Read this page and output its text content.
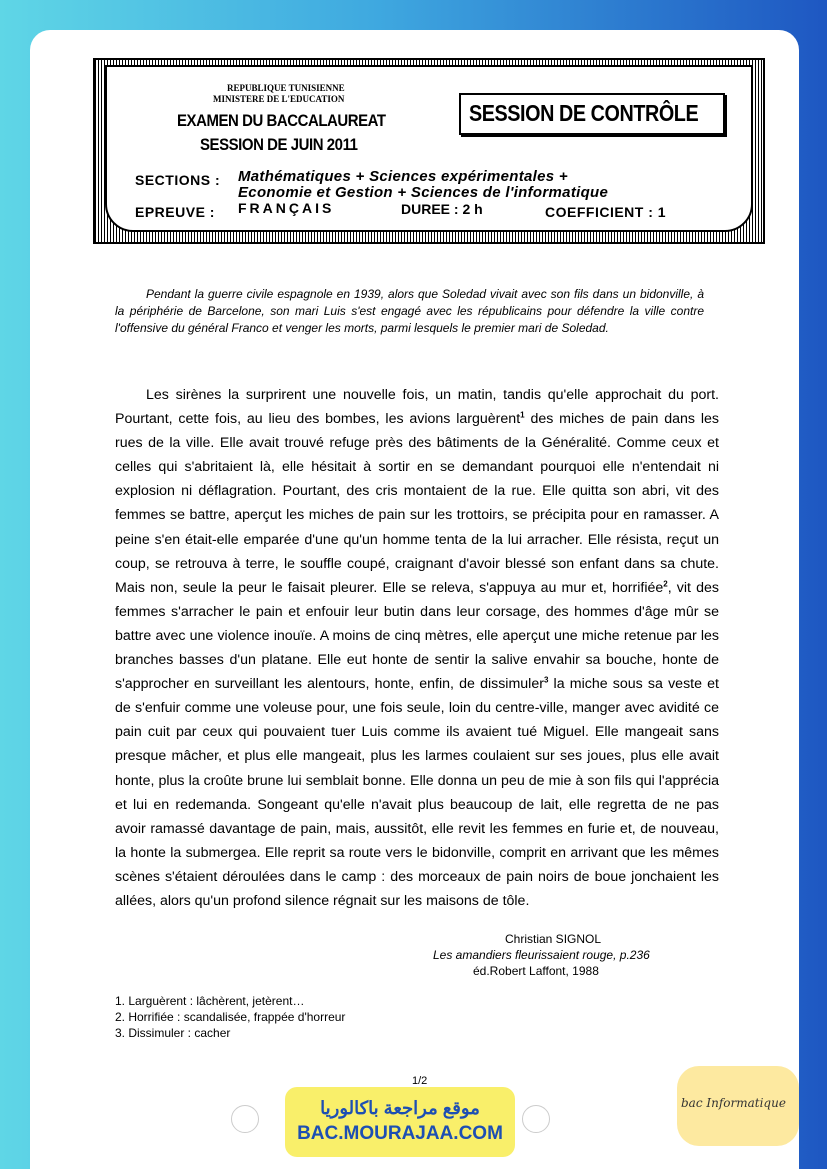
REPUBLIQUE TUNISIENNE
MINISTERE DE L'EDUCATION
EXAMEN DU BACCALAUREAT
SESSION DE JUIN 2011
SESSION DE CONTRÔLE
SECTIONS : Mathématiques + Sciences expérimentales +
Economie et Gestion + Sciences de l'informatique
EPREUVE : FRANÇAIS	DUREE : 2 h	COEFFICIENT : 1
Pendant la guerre civile espagnole en 1939, alors que Soledad vivait avec son fils dans un bidonville, à la périphérie de Barcelone, son mari Luis s'est engagé avec les républicains pour défendre la ville contre l'offensive du général Franco et venger les morts, parmi lesquels le premier mari de Soledad.
Les sirènes la surprirent une nouvelle fois, un matin, tandis qu'elle approchait du port. Pourtant, cette fois, au lieu des bombes, les avions larguèrent$^1$ des miches de pain dans les rues de la ville. Elle avait trouvé refuge près des bâtiments de la Généralité. Comme ceux et celles qui s'abritaient là, elle hésitait à sortir en se demandant pourquoi elle n'entendait ni explosion ni déflagration. Pourtant, des cris montaient de la rue. Elle quitta son abri, vit des femmes se battre, aperçut les miches de pain sur les trottoirs, se précipita pour en ramasser. A peine s'en était-elle emparée d'une qu'un homme tenta de la lui arracher. Elle résista, reçut un coup, se retrouva à terre, le souffle coupé, craignant d'avoir blessé son enfant dans sa chute. Mais non, seule la peur le faisait pleurer. Elle se releva, s'appuya au mur et, horrifiée$^2$, vit des femmes s'arracher le pain et enfouir leur butin dans leur corsage, des hommes d'âge mûr se battre avec une violence inouïe. A moins de cinq mètres, elle aperçut une miche retenue par les branches basses d'un platane. Elle eut honte de sentir la salive envahir sa bouche, honte de s'approcher en surveillant les alentours, honte, enfin, de dissimuler$^3$ la miche sous sa veste et de s'enfuir comme une voleuse pour, une fois seule, loin du centre-ville, manger avec avidité ce pain cuit par ceux qui pouvaient tuer Luis comme ils avaient tué Miguel. Elle mangeait sans presque mâcher, et plus elle mangeait, plus les larmes coulaient sur ses joues, plus elle avait honte, plus la croûte brune lui semblait bonne. Elle donna un peu de mie à son fils qui l'apprécia et lui en redemanda. Songeant qu'elle n'avait plus beaucoup de lait, elle regretta de ne pas avoir ramassé davantage de pain, mais, aussitôt, elle revit les femmes en furie et, de nouveau, la honte la submergea. Elle reprit sa route vers le bidonville, comprit en arrivant que les mêmes scènes s'étaient déroulées dans le camp : des morceaux de pain noirs de boue jonchaient les allées, alors qu'un profond silence régnait sur les maisons de tôle.
Christian SIGNOL
Les amandiers fleurissaient rouge, p.236
éd.Robert Laffont, 1988
1. Larguèrent : lâchèrent, jetèrent…
2. Horrifiée : scandalisée, frappée d'horreur
3. Dissimuler : cacher
1/2
موقع مراجعة باكالوريا
BAC.MOURAJAA.COM
bac Informatique
